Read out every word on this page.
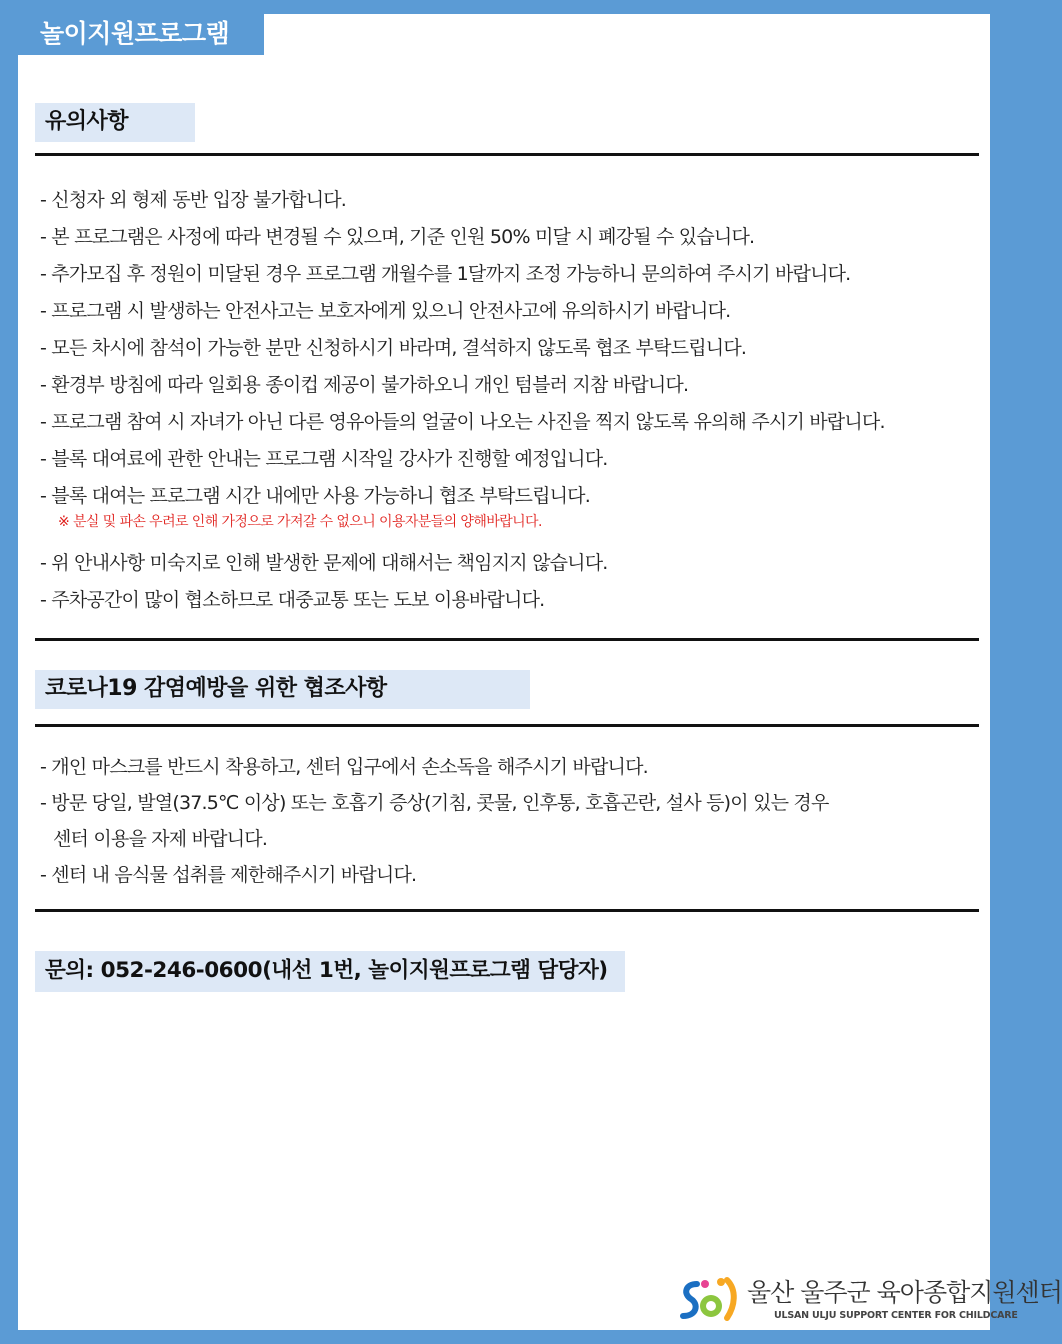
놀이지원프로그램
유의사항
- 신청자 외 형제 동반 입장 불가합니다.
- 본 프로그램은 사정에 따라 변경될 수 있으며, 기준 인원 50% 미달 시 폐강될 수 있습니다.
- 추가모집 후 정원이 미달된 경우 프로그램 개월수를 1달까지 조정 가능하니 문의하여 주시기 바랍니다.
- 프로그램 시 발생하는 안전사고는 보호자에게 있으니 안전사고에 유의하시기 바랍니다.
- 모든 차시에 참석이 가능한 분만 신청하시기 바라며, 결석하지 않도록 협조 부탁드립니다.
- 환경부 방침에 따라 일회용 종이컵 제공이 불가하오니 개인 텀블러 지참 바랍니다.
- 프로그램 참여 시 자녀가 아닌 다른 영유아들의 얼굴이 나오는 사진을 찍지 않도록 유의해 주시기 바랍니다.
- 블록 대여료에 관한 안내는 프로그램 시작일 강사가 진행할 예정입니다.
- 블록 대여는 프로그램 시간 내에만 사용 가능하니 협조 부탁드립니다.
※ 분실 및 파손 우려로 인해 가정으로 가져갈 수 없으니 이용자분들의 양해바랍니다.
- 위 안내사항 미숙지로 인해 발생한 문제에 대해서는 책임지지 않습니다.
- 주차공간이 많이 협소하므로 대중교통 또는 도보 이용바랍니다.
코로나19 감염예방을 위한 협조사항
- 개인 마스크를 반드시 착용하고, 센터 입구에서 손소독을 해주시기 바랍니다.
- 방문 당일, 발열(37.5℃ 이상) 또는 호흡기 증상(기침, 콧물, 인후통, 호흡곤란, 설사 등)이 있는 경우
센터 이용을 자제 바랍니다.
- 센터 내 음식물 섭취를 제한해주시기 바랍니다.
문의: 052-246-0600(내선 1번, 놀이지원프로그램 담당자)
울산 울주군 육아종합지원센터
ULSAN ULJU SUPPORT CENTER FOR CHILDCARE
